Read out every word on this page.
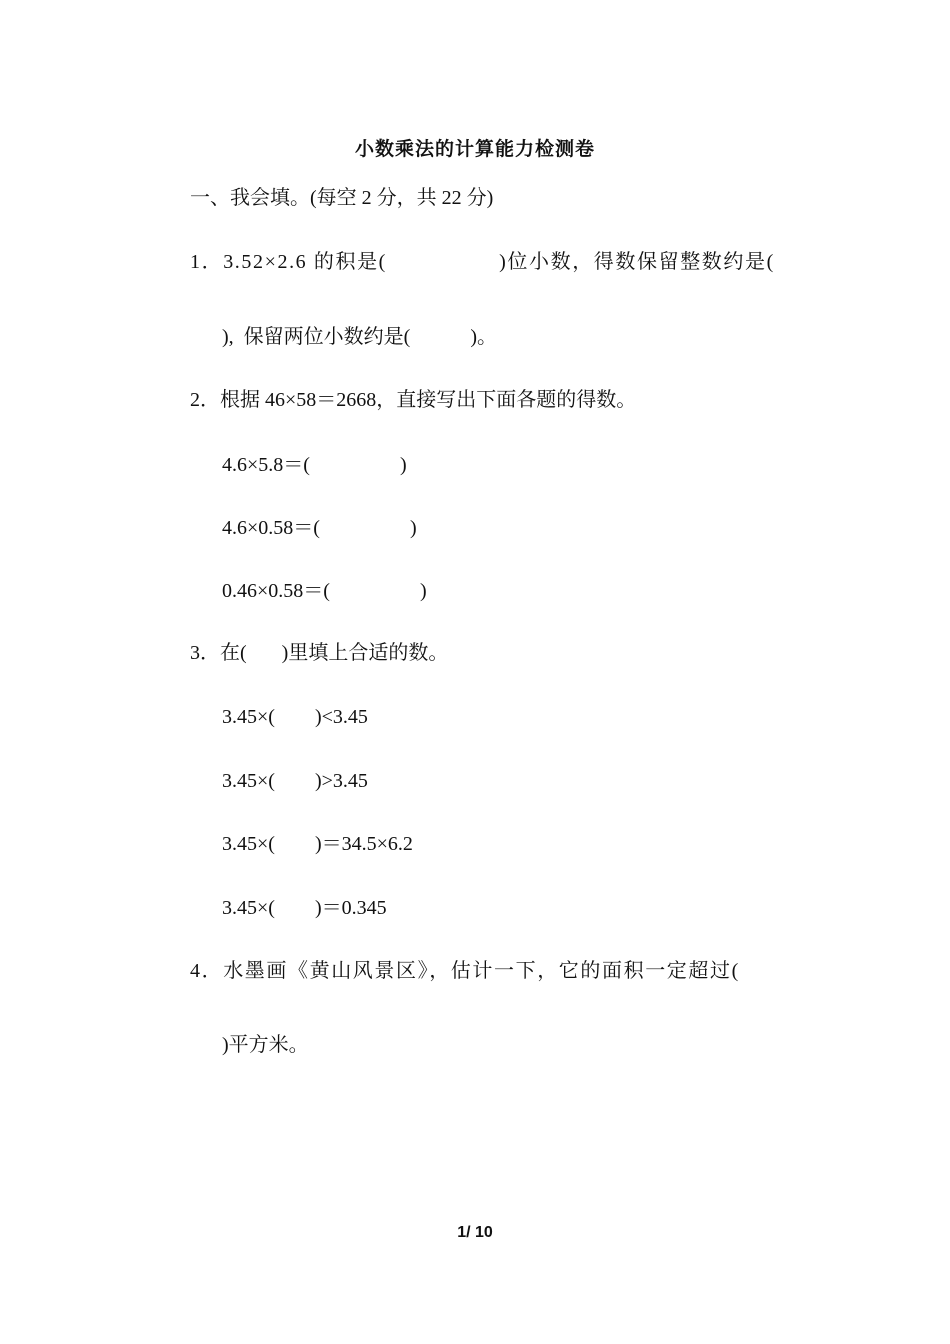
小数乘法的计算能力检测卷
一、我会填。(每空 2 分，共 22 分)
1．3.52×2.6 的积是(                 )位小数，得数保留整数约是(
),  保留两位小数约是(            )。
2．根据 46×58＝2668，直接写出下面各题的得数。
4.6×5.8＝(                  )
4.6×0.58＝(                  )
0.46×0.58＝(                  )
3．在(       )里填上合适的数。
3.45×(        )<3.45
3.45×(        )>3.45
3.45×(        )＝34.5×6.2
3.45×(        )＝0.345
4．水墨画《黄山风景区》，估计一下，它的面积一定超过(
)平方米。
1/ 10
